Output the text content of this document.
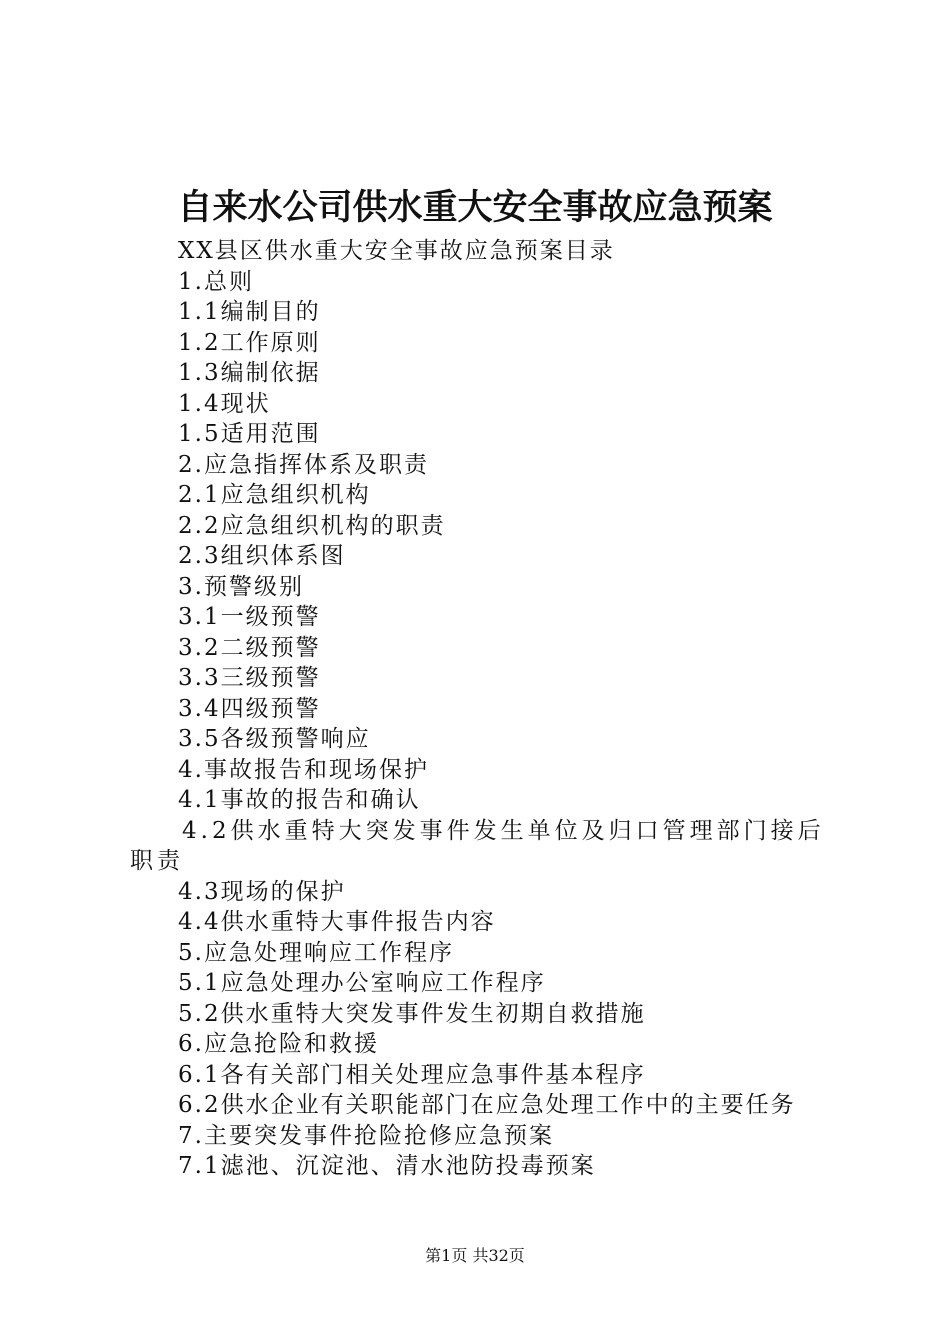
自来水公司供水重大安全事故应急预案
XX县区供水重大安全事故应急预案目录
1.总则
1.1编制目的
1.2工作原则
1.3编制依据
1.4现状
1.5适用范围
2.应急指挥体系及职责
2.1应急组织机构
2.2应急组织机构的职责
2.3组织体系图
3.预警级别
3.1一级预警
3.2二级预警
3.3三级预警
3.4四级预警
3.5各级预警响应
4.事故报告和现场保护
4.1事故的报告和确认
4.2供水重特大突发事件发生单位及归口管理部门接后职责
4.3现场的保护
4.4供水重特大事件报告内容
5.应急处理响应工作程序
5.1应急处理办公室响应工作程序
5.2供水重特大突发事件发生初期自救措施
6.应急抢险和救援
6.1各有关部门相关处理应急事件基本程序
6.2供水企业有关职能部门在应急处理工作中的主要任务
7.主要突发事件抢险抢修应急预案
7.1滤池、沉淀池、清水池防投毒预案
第1页 共32页
